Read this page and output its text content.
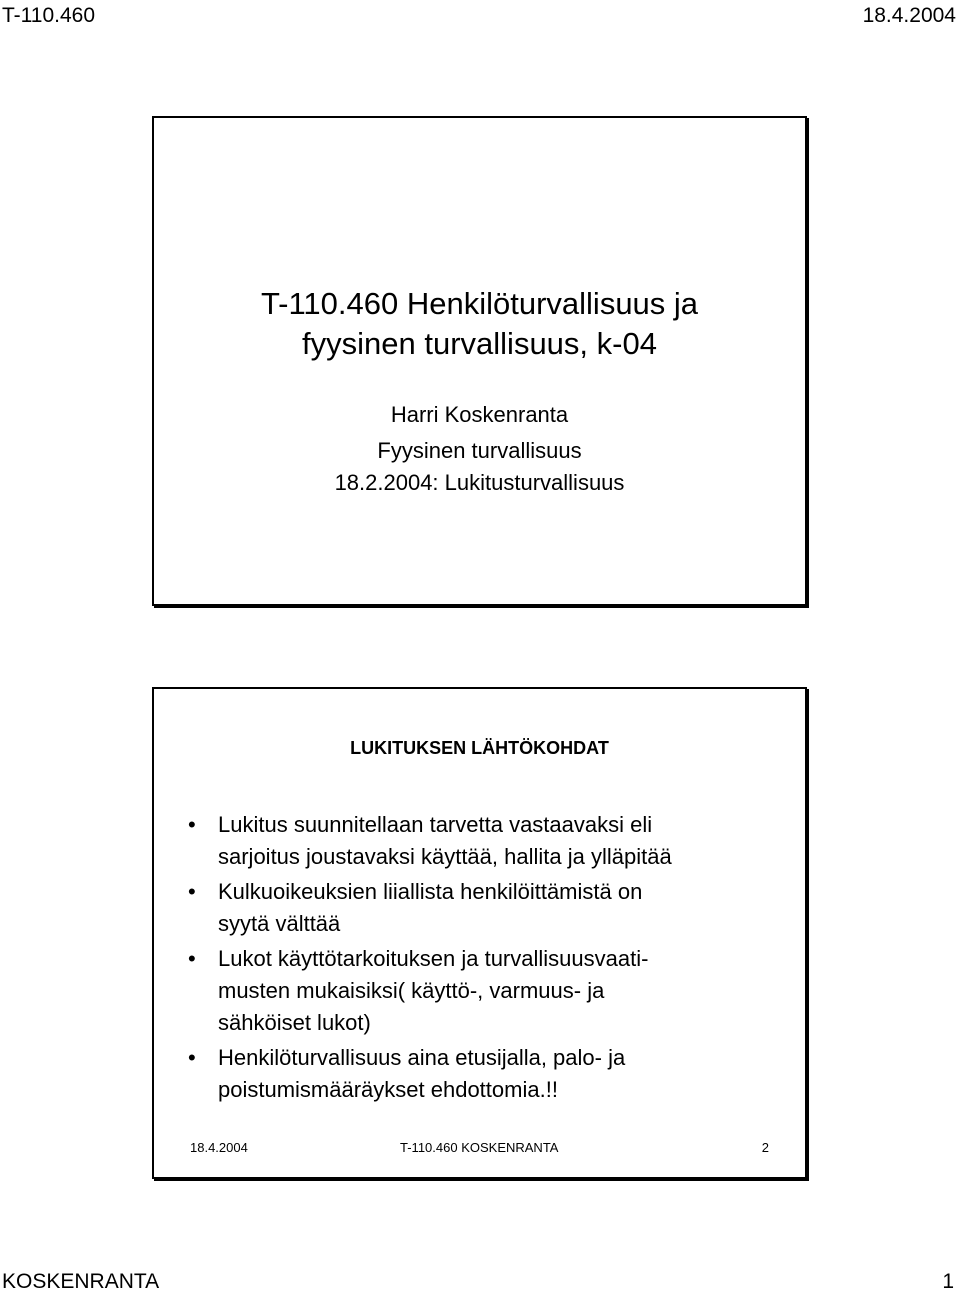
T-110.460	18.4.2004
T-110.460 Henkilöturvallisuus ja
fyysinen turvallisuus, k-04
Harri Koskenranta
Fyysinen turvallisuus
18.2.2004: Lukitusturvallisuus
LUKITUKSEN LÄHTÖKOHDAT
•	Lukitus suunnitellaan tarvetta vastaavaksi eli
sarjoitus joustavaksi käyttää, hallita ja ylläpitää
•	Kulkuoikeuksien liiallista henkilöittämistä on
syytä välttää
•	Lukot käyttötarkoituksen ja turvallisuusvaati-
musten mukaisiksi( käyttö-, varmuus- ja
sähköiset lukot)
•	Henkilöturvallisuus aina etusijalla, palo- ja
poistumismääräykset ehdottomia.!!
18.4.2004	T-110.460 KOSKENRANTA	2
KOSKENRANTA	1
